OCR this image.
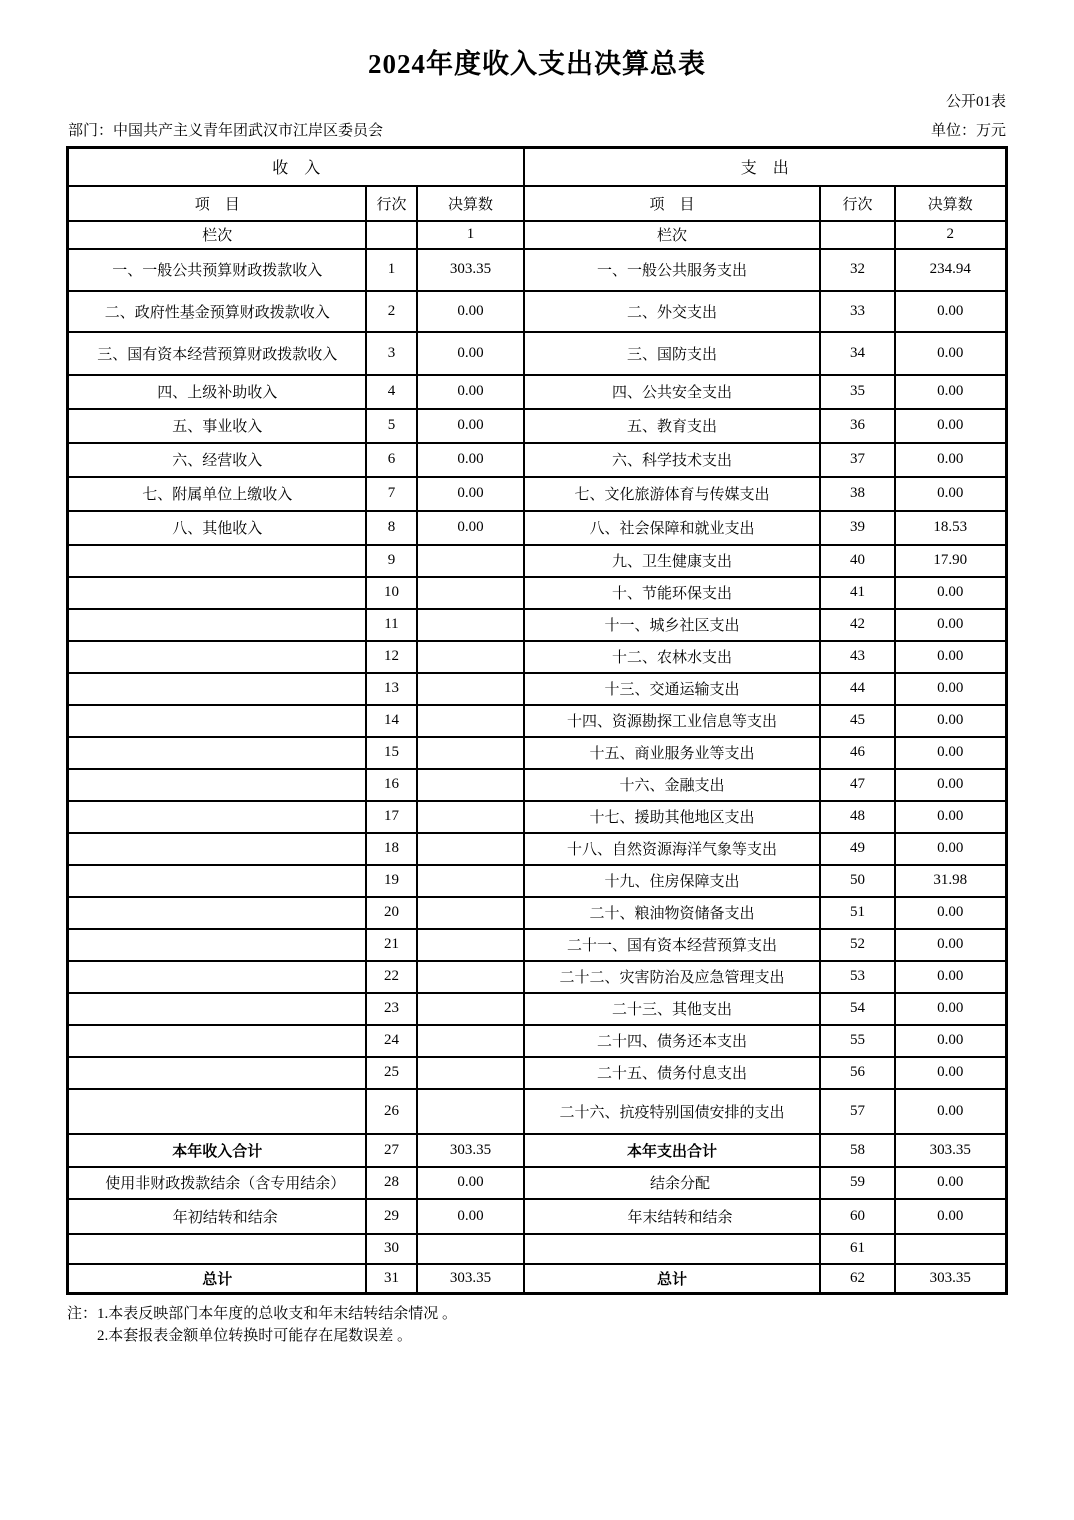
2024年度收入支出决算总表
公开01表
部门：中国共产主义青年团武汉市江岸区委员会	单位：万元
收　入			支　出		
项　目	行次	决算数	项　目	行次	决算数
栏次		1	栏次		2
一、一般公共预算财政拨款收入	1	303.35	一、一般公共服务支出	32	234.94
二、政府性基金预算财政拨款收入	2	0.00	二、外交支出	33	0.00
三、国有资本经营预算财政拨款收入	3	0.00	三、国防支出	34	0.00
四、上级补助收入	4	0.00	四、公共安全支出	35	0.00
五、事业收入	5	0.00	五、教育支出	36	0.00
六、经营收入	6	0.00	六、科学技术支出	37	0.00
七、附属单位上缴收入	7	0.00	七、文化旅游体育与传媒支出	38	0.00
八、其他收入	8	0.00	八、社会保障和就业支出	39	18.53
	9		九、卫生健康支出	40	17.90
	10		十、节能环保支出	41	0.00
	11		十一、城乡社区支出	42	0.00
	12		十二、农林水支出	43	0.00
	13		十三、交通运输支出	44	0.00
	14		十四、资源勘探工业信息等支出	45	0.00
	15		十五、商业服务业等支出	46	0.00
	16		十六、金融支出	47	0.00
	17		十七、援助其他地区支出	48	0.00
	18		十八、自然资源海洋气象等支出	49	0.00
	19		十九、住房保障支出	50	31.98
	20		二十、粮油物资储备支出	51	0.00
	21		二十一、国有资本经营预算支出	52	0.00
	22		二十二、灾害防治及应急管理支出	53	0.00
	23		二十三、其他支出	54	0.00
	24		二十四、债务还本支出	55	0.00
	25		二十五、债务付息支出	56	0.00
	26		二十六、抗疫特别国债安排的支出	57	0.00
本年收入合计	27	303.35	本年支出合计	58	303.35
使用非财政拨款结余（含专用结余）	28	0.00	结余分配	59	0.00
年初结转和结余	29	0.00	年末结转和结余	60	0.00
	30			61	
总计	31	303.35	总计	62	303.35
注：1.本表反映部门本年度的总收支和年末结转结余情况 。
2.本套报表金额单位转换时可能存在尾数误差 。
